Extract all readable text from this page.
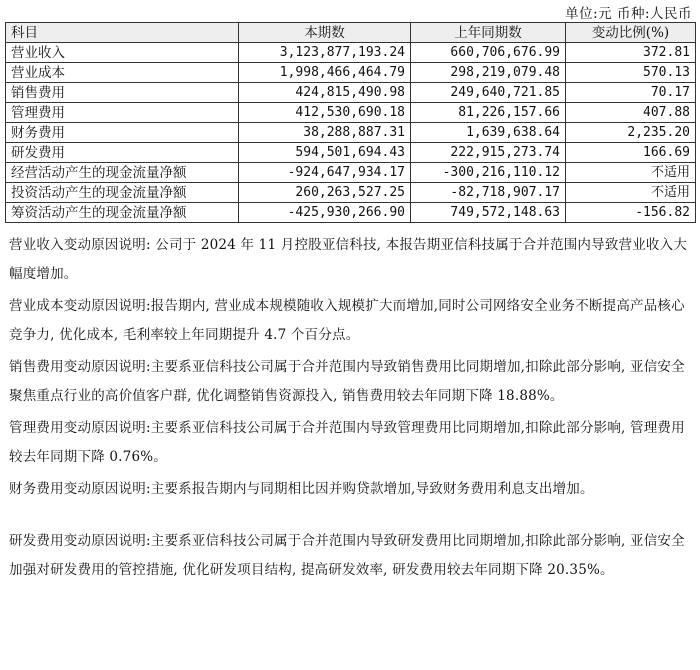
单位:元 币种:人民币
科目	本期数	上年同期数	变动比例(%)
营业收入	3,123,877,193.24	660,706,676.99	372.81
营业成本	1,998,466,464.79	298,219,079.48	570.13
销售费用	424,815,490.98	249,640,721.85	70.17
管理费用	412,530,690.18	81,226,157.66	407.88
财务费用	38,288,887.31	1,639,638.64	2,235.20
研发费用	594,501,694.43	222,915,273.74	166.69
经营活动产生的现金流量净额	-924,647,934.17	-300,216,110.12	不适用
投资活动产生的现金流量净额	260,263,527.25	-82,718,907.17	不适用
筹资活动产生的现金流量净额	-425,930,266.90	749,572,148.63	-156.82

营业收入变动原因说明: 公司于 2024 年 11 月控股亚信科技, 本报告期亚信科技属于合并范围内导致营业收入大幅度增加。

营业成本变动原因说明:报告期内, 营业成本规模随收入规模扩大而增加,同时公司网络安全业务不断提高产品核心竞争力, 优化成本, 毛利率较上年同期提升 4.7 个百分点。

销售费用变动原因说明:主要系亚信科技公司属于合并范围内导致销售费用比同期增加,扣除此部分影响, 亚信安全聚焦重点行业的高价值客户群, 优化调整销售资源投入, 销售费用较去年同期下降 18.88%。

管理费用变动原因说明:主要系亚信科技公司属于合并范围内导致管理费用比同期增加,扣除此部分影响, 管理费用较去年同期下降 0.76%。

财务费用变动原因说明:主要系报告期内与同期相比因并购贷款增加,导致财务费用利息支出增加。

研发费用变动原因说明:主要系亚信科技公司属于合并范围内导致研发费用比同期增加,扣除此部分影响, 亚信安全加强对研发费用的管控措施, 优化研发项目结构, 提高研发效率, 研发费用较去年同期下降 20.35%。
